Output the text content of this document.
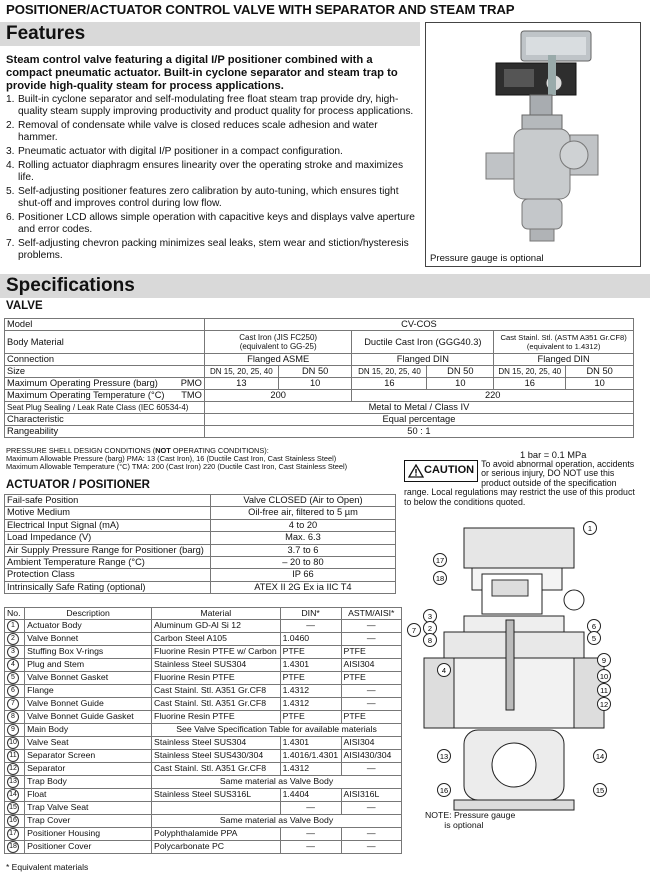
POSITIONER/ACTUATOR CONTROL VALVE WITH SEPARATOR AND STEAM TRAP
Features
Steam control valve featuring a digital I/P positioner combined with a compact pneumatic actuator. Built-in cyclone separator and steam trap to provide high-quality steam for process applications.
1. Built-in cyclone separator and self-modulating free float steam trap provide dry, high-quality steam supply improving productivity and product quality for process applications.
2. Removal of condensate while valve is closed reduces scale adhesion and water hammer.
3. Pneumatic actuator with digital I/P positioner in a compact configuration.
4. Rolling actuator diaphragm ensures linearity over the operating stroke and maximizes life.
5. Self-adjusting positioner features zero calibration by auto-tuning, which ensures tight shut-off and improves control during low flow.
6. Positioner LCD allows simple operation with capacitive keys and displays valve aperture and error codes.
7. Self-adjusting chevron packing minimizes seal leaks, stem wear and stiction/hysteresis problems.	Pressure gauge is optional
Specifications
VALVE
Model	CV-COS					
Body Material	Cast Iron (JIS FC250)
(equivalent to GG-25)		Ductile Cast Iron (GGG40.3)		Cast Stainl. Stl. (ASTM A351 Gr.CF8)
(equivalent to 1.4312)	
Connection	Flanged ASME		Flanged DIN		Flanged DIN	
Size	DN 15, 20, 25, 40	DN 50	DN 15, 20, 25, 40	DN 50	DN 15, 20, 25, 40	DN 50
Maximum Operating Pressure (barg) PMO	13	10	16	10	16	10
Maximum Operating Temperature (°C) TMO	200		220			
Seat Plug Sealing / Leak Rate Class (IEC 60534-4)	Metal to Metal / Class IV					
Characteristic	Equal percentage					
Rangeability	50 : 1					
PRESSURE SHELL DESIGN CONDITIONS (NOT OPERATING CONDITIONS):
Maximum Allowable Pressure (barg) PMA: 13 (Cast Iron), 16 (Ductile Cast Iron, Cast Stainless Steel)
Maximum Allowable Temperature (°C) TMA: 200 (Cast Iron) 220 (Ductile Cast Iron, Cast Stainless Steel)
1 bar = 0.1 MPa
CAUTION
To avoid abnormal operation, accidents or serious injury, DO NOT use this product outside of the specification range. Local regulations may restrict the use of this product to below the conditions quoted.
ACTUATOR / POSITIONER
Fail-safe Position	Valve CLOSED (Air to Open)
Motive Medium	Oil-free air, filtered to 5 µm
Electrical Input Signal (mA)	4 to 20
Load Impedance (V)	Max. 6.3
Air Supply Pressure Range for Positioner (barg)	3.7 to 6
Ambient Temperature Range (°C)	– 20 to 80
Protection Class	IP 66
Intrinsically Safe Rating (optional)	ATEX II 2G Ex ia IIC T4
No.	Description	Material	DIN*	ASTM/AISI*
1	Actuator Body	Aluminum GD-Al Si 12	—	—
2	Valve Bonnet	Carbon Steel A105	1.0460	—
3	Stuffing Box V-rings	Fluorine Resin PTFE w/ Carbon	PTFE	PTFE
4	Plug and Stem	Stainless Steel SUS304	1.4301	AISI304
5	Valve Bonnet Gasket	Fluorine Resin PTFE	PTFE	PTFE
6	Flange	Cast Stainl. Stl. A351 Gr.CF8	1.4312	—
7	Valve Bonnet Guide	Cast Stainl. Stl. A351 Gr.CF8	1.4312	—
8	Valve Bonnet Guide Gasket	Fluorine Resin PTFE	PTFE	PTFE
9	Main Body	See Valve Specification Table for available materials		
10	Valve Seat	Stainless Steel SUS304	1.4301	AISI304
11	Separator Screen	Stainless Steel SUS430/304	1.4016/1.4301	AISI430/304
12	Separator	Cast Stainl. Stl. A351 Gr.CF8	1.4312	—
13	Trap Body	Same material as Valve Body		
14	Float	Stainless Steel SUS316L	1.4404	AISI316L
15	Trap Valve Seat		—	—
16	Trap Cover	Same material as Valve Body		
17	Positioner Housing	Polyphthalamide PPA	—	—
18	Positioner Cover	Polycarbonate PC	—	—
* Equivalent materials
1
17
18
3
2
8
4
6
5
9
10
11
12
13	14
16	15
7
NOTE: Pressure gauge
is optional
